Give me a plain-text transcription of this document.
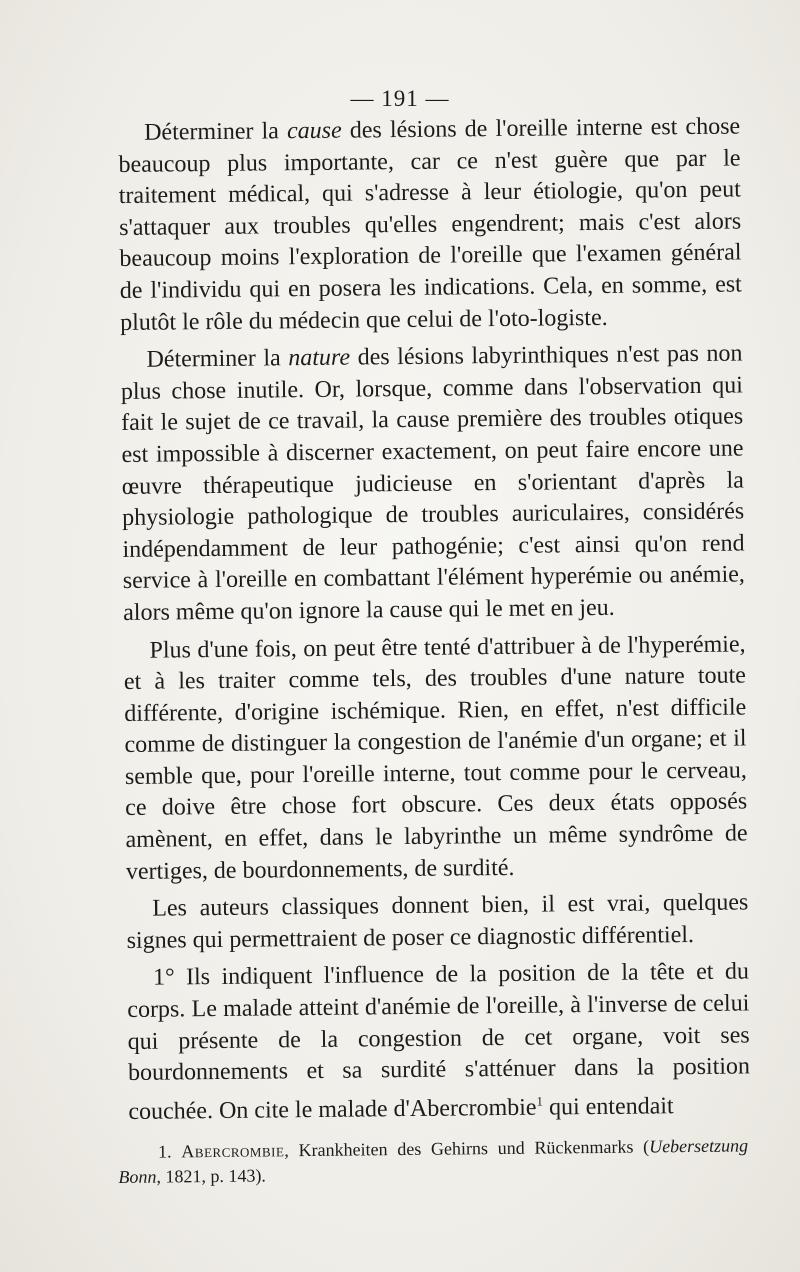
— 191 —

Déterminer la cause des lésions de l'oreille interne est chose beaucoup plus importante, car ce n'est guère que par le traitement médical, qui s'adresse à leur étiologie, qu'on peut s'attaquer aux troubles qu'elles engendrent; mais c'est alors beaucoup moins l'exploration de l'oreille que l'examen général de l'individu qui en posera les indications. Cela, en somme, est plutôt le rôle du médecin que celui de l'oto-logiste.

Déterminer la nature des lésions labyrinthiques n'est pas non plus chose inutile. Or, lorsque, comme dans l'observation qui fait le sujet de ce travail, la cause première des troubles otiques est impossible à discerner exactement, on peut faire encore une œuvre thérapeutique judicieuse en s'orientant d'après la physiologie pathologique de troubles auriculaires, considérés indépendamment de leur pathogénie; c'est ainsi qu'on rend service à l'oreille en combattant l'élément hyperémie ou anémie, alors même qu'on ignore la cause qui le met en jeu.

Plus d'une fois, on peut être tenté d'attribuer à de l'hyperémie, et à les traiter comme tels, des troubles d'une nature toute différente, d'origine ischémique. Rien, en effet, n'est difficile comme de distinguer la congestion de l'anémie d'un organe; et il semble que, pour l'oreille interne, tout comme pour le cerveau, ce doive être chose fort obscure. Ces deux états opposés amènent, en effet, dans le labyrinthe un même syndrôme de vertiges, de bourdonnements, de surdité.

Les auteurs classiques donnent bien, il est vrai, quelques signes qui permettraient de poser ce diagnostic différentiel.

1° Ils indiquent l'influence de la position de la tête et du corps. Le malade atteint d'anémie de l'oreille, à l'inverse de celui qui présente de la congestion de cet organe, voit ses bourdonnements et sa surdité s'atténuer dans la position couchée. On cite le malade d'Abercrombie$^1$ qui entendait

1. Abercrombie, Krankheiten des Gehirns und Rückenmarks (Uebersetzung Bonn, 1821, p. 143).
